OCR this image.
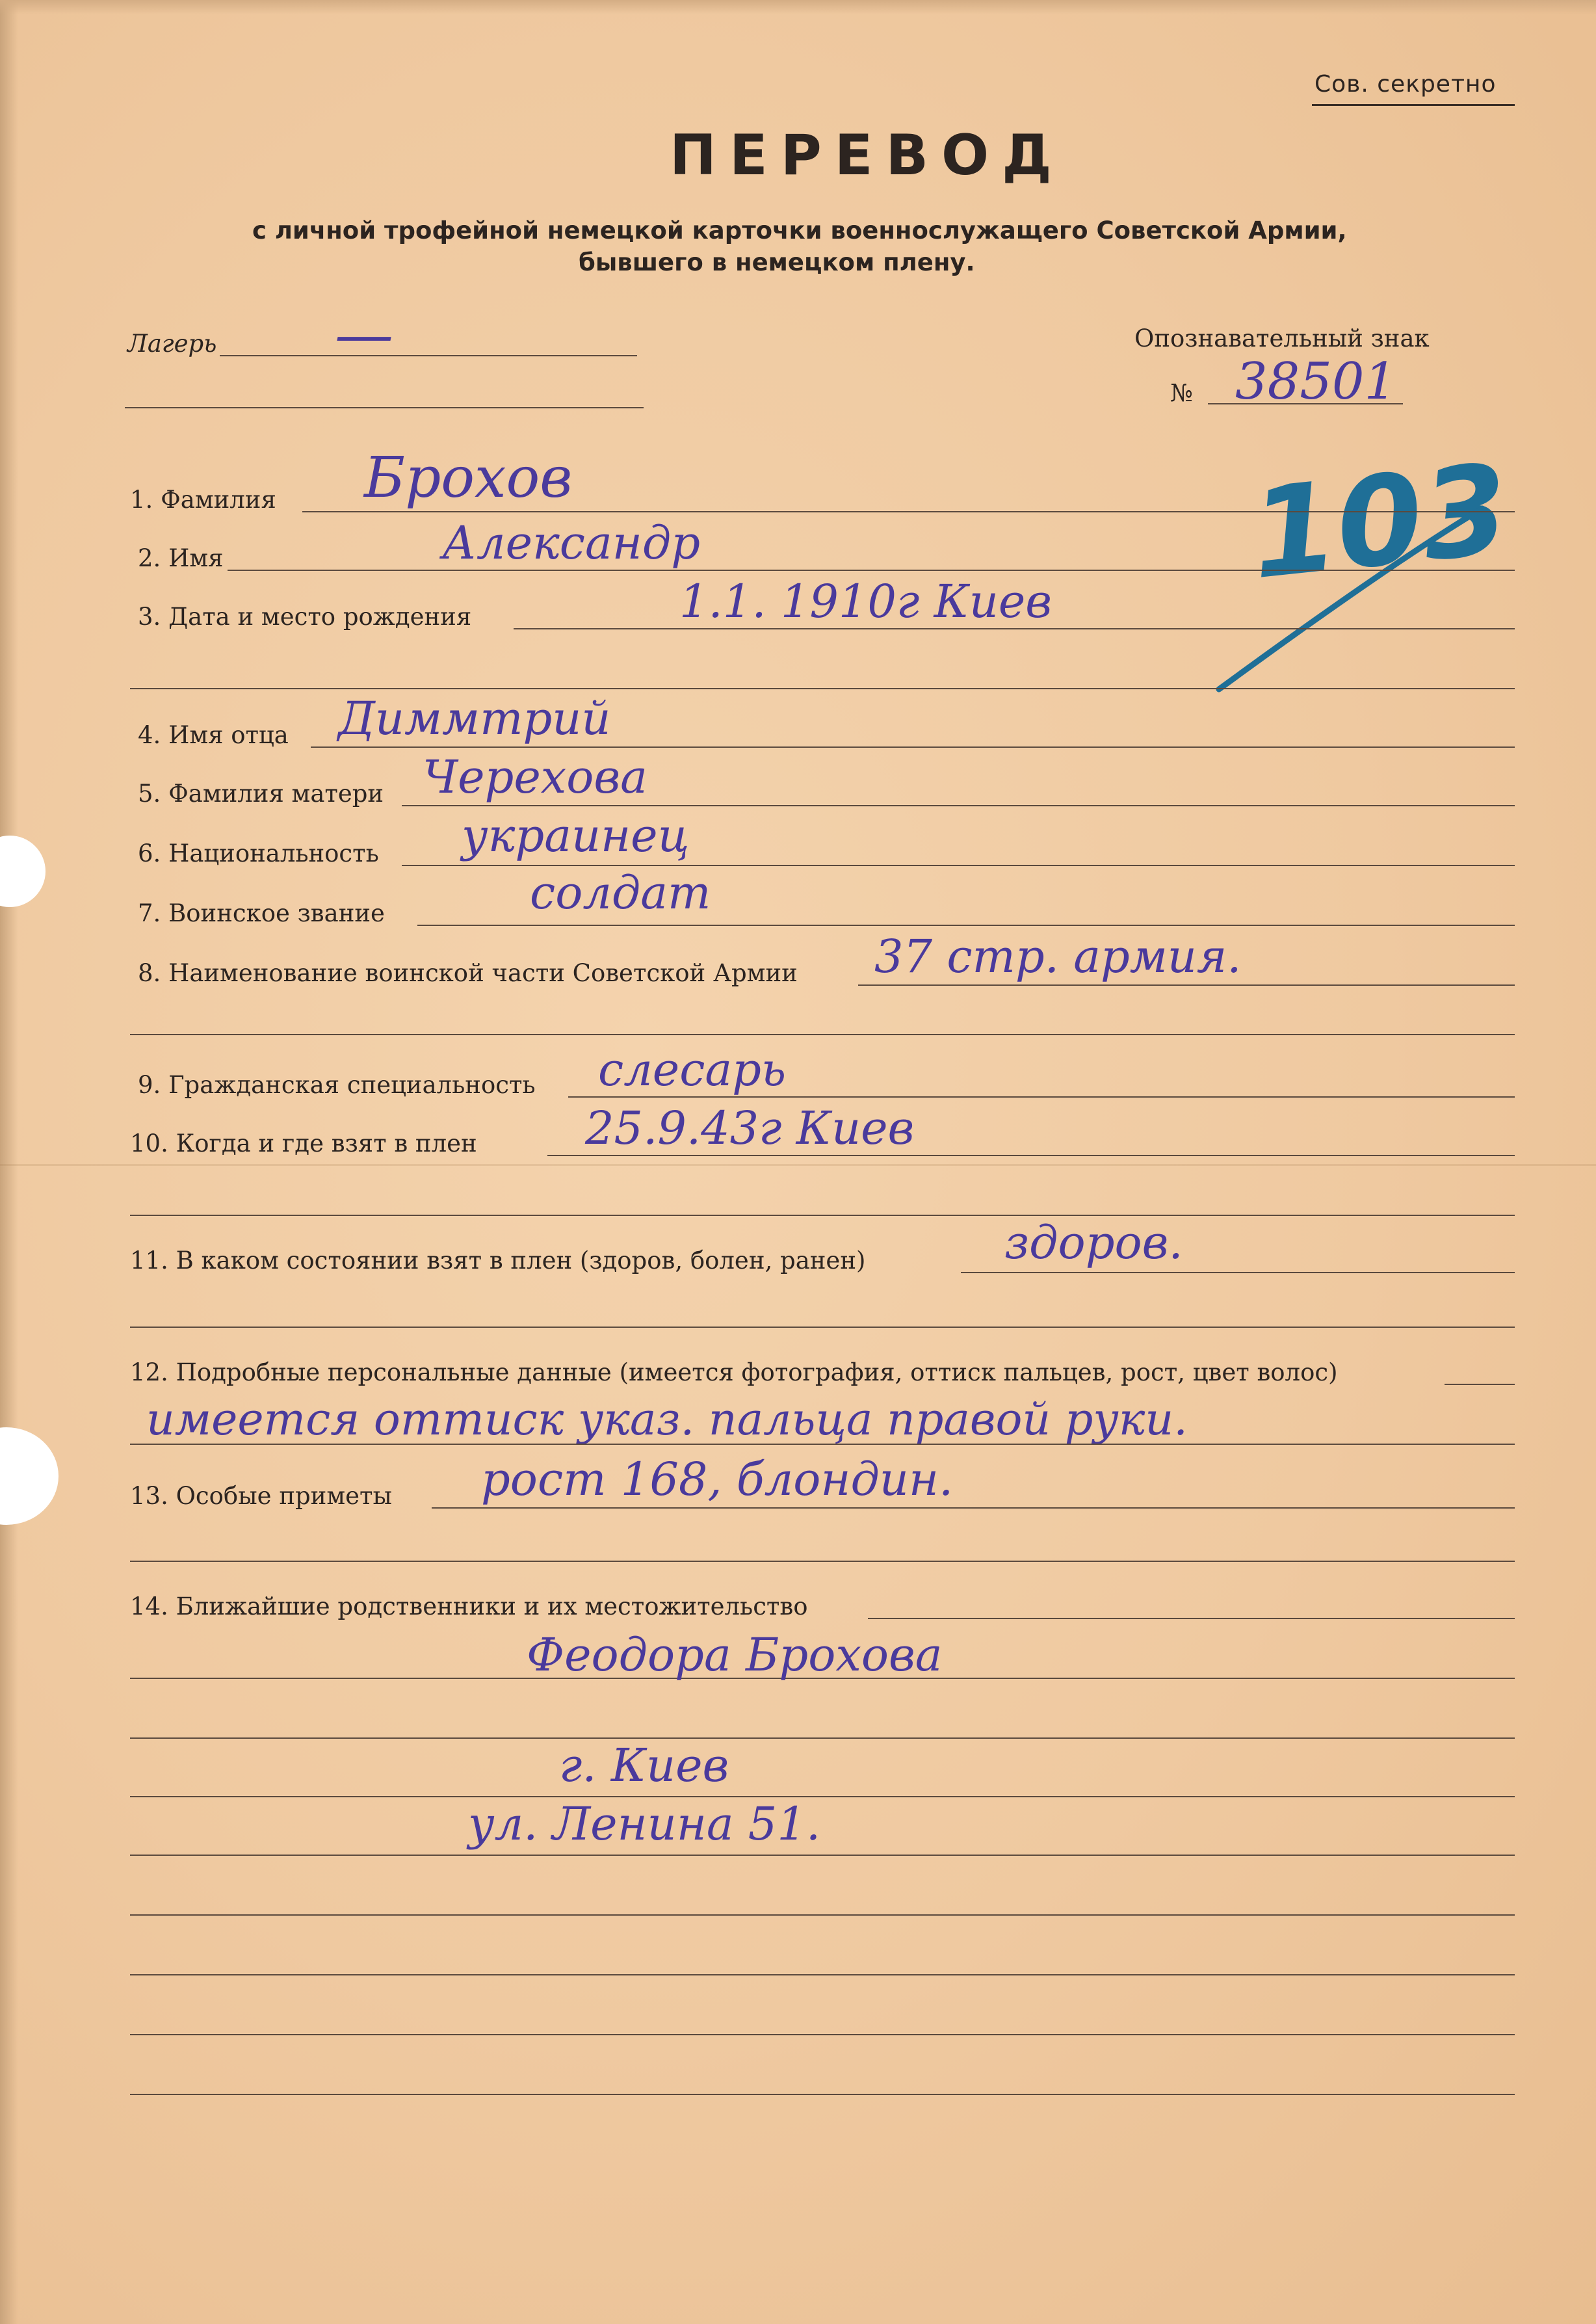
Сов. секретно
ПЕРЕВОД
с личной трофейной немецкой карточки военнослужащего Советской Армии,
бывшего в немецком плену.
Лагерь —	Опознавательный знак
№ 38501
103
1. Фамилия Брохов
2. Имя	Александр
3. Дата и место рождения	1.1. 1910г Киев
4. Имя отца Диммтрий
5. Фамилия матери Черехова
6. Национальность украинец
7. Воинское звание	солдат
8. Наименование воинской части Советской Армии 37 стр. армия.
9. Гражданская специальность слесарь
10. Когда и где взят в плен 25.9.43г Киев
11. В каком состоянии взят в плен (здоров, болен, ранен)	здоров.
12. Подробные персональные данные (имеется фотография, оттиск пальцев, рост, цвет волос)
имеется оттиск указ. пальца правой руки.
13. Особые приметы рост 168, блондин.
14. Ближайшие родственники и их местожительство
Феодора Брохова
г. Киев
ул. Ленина 51.
